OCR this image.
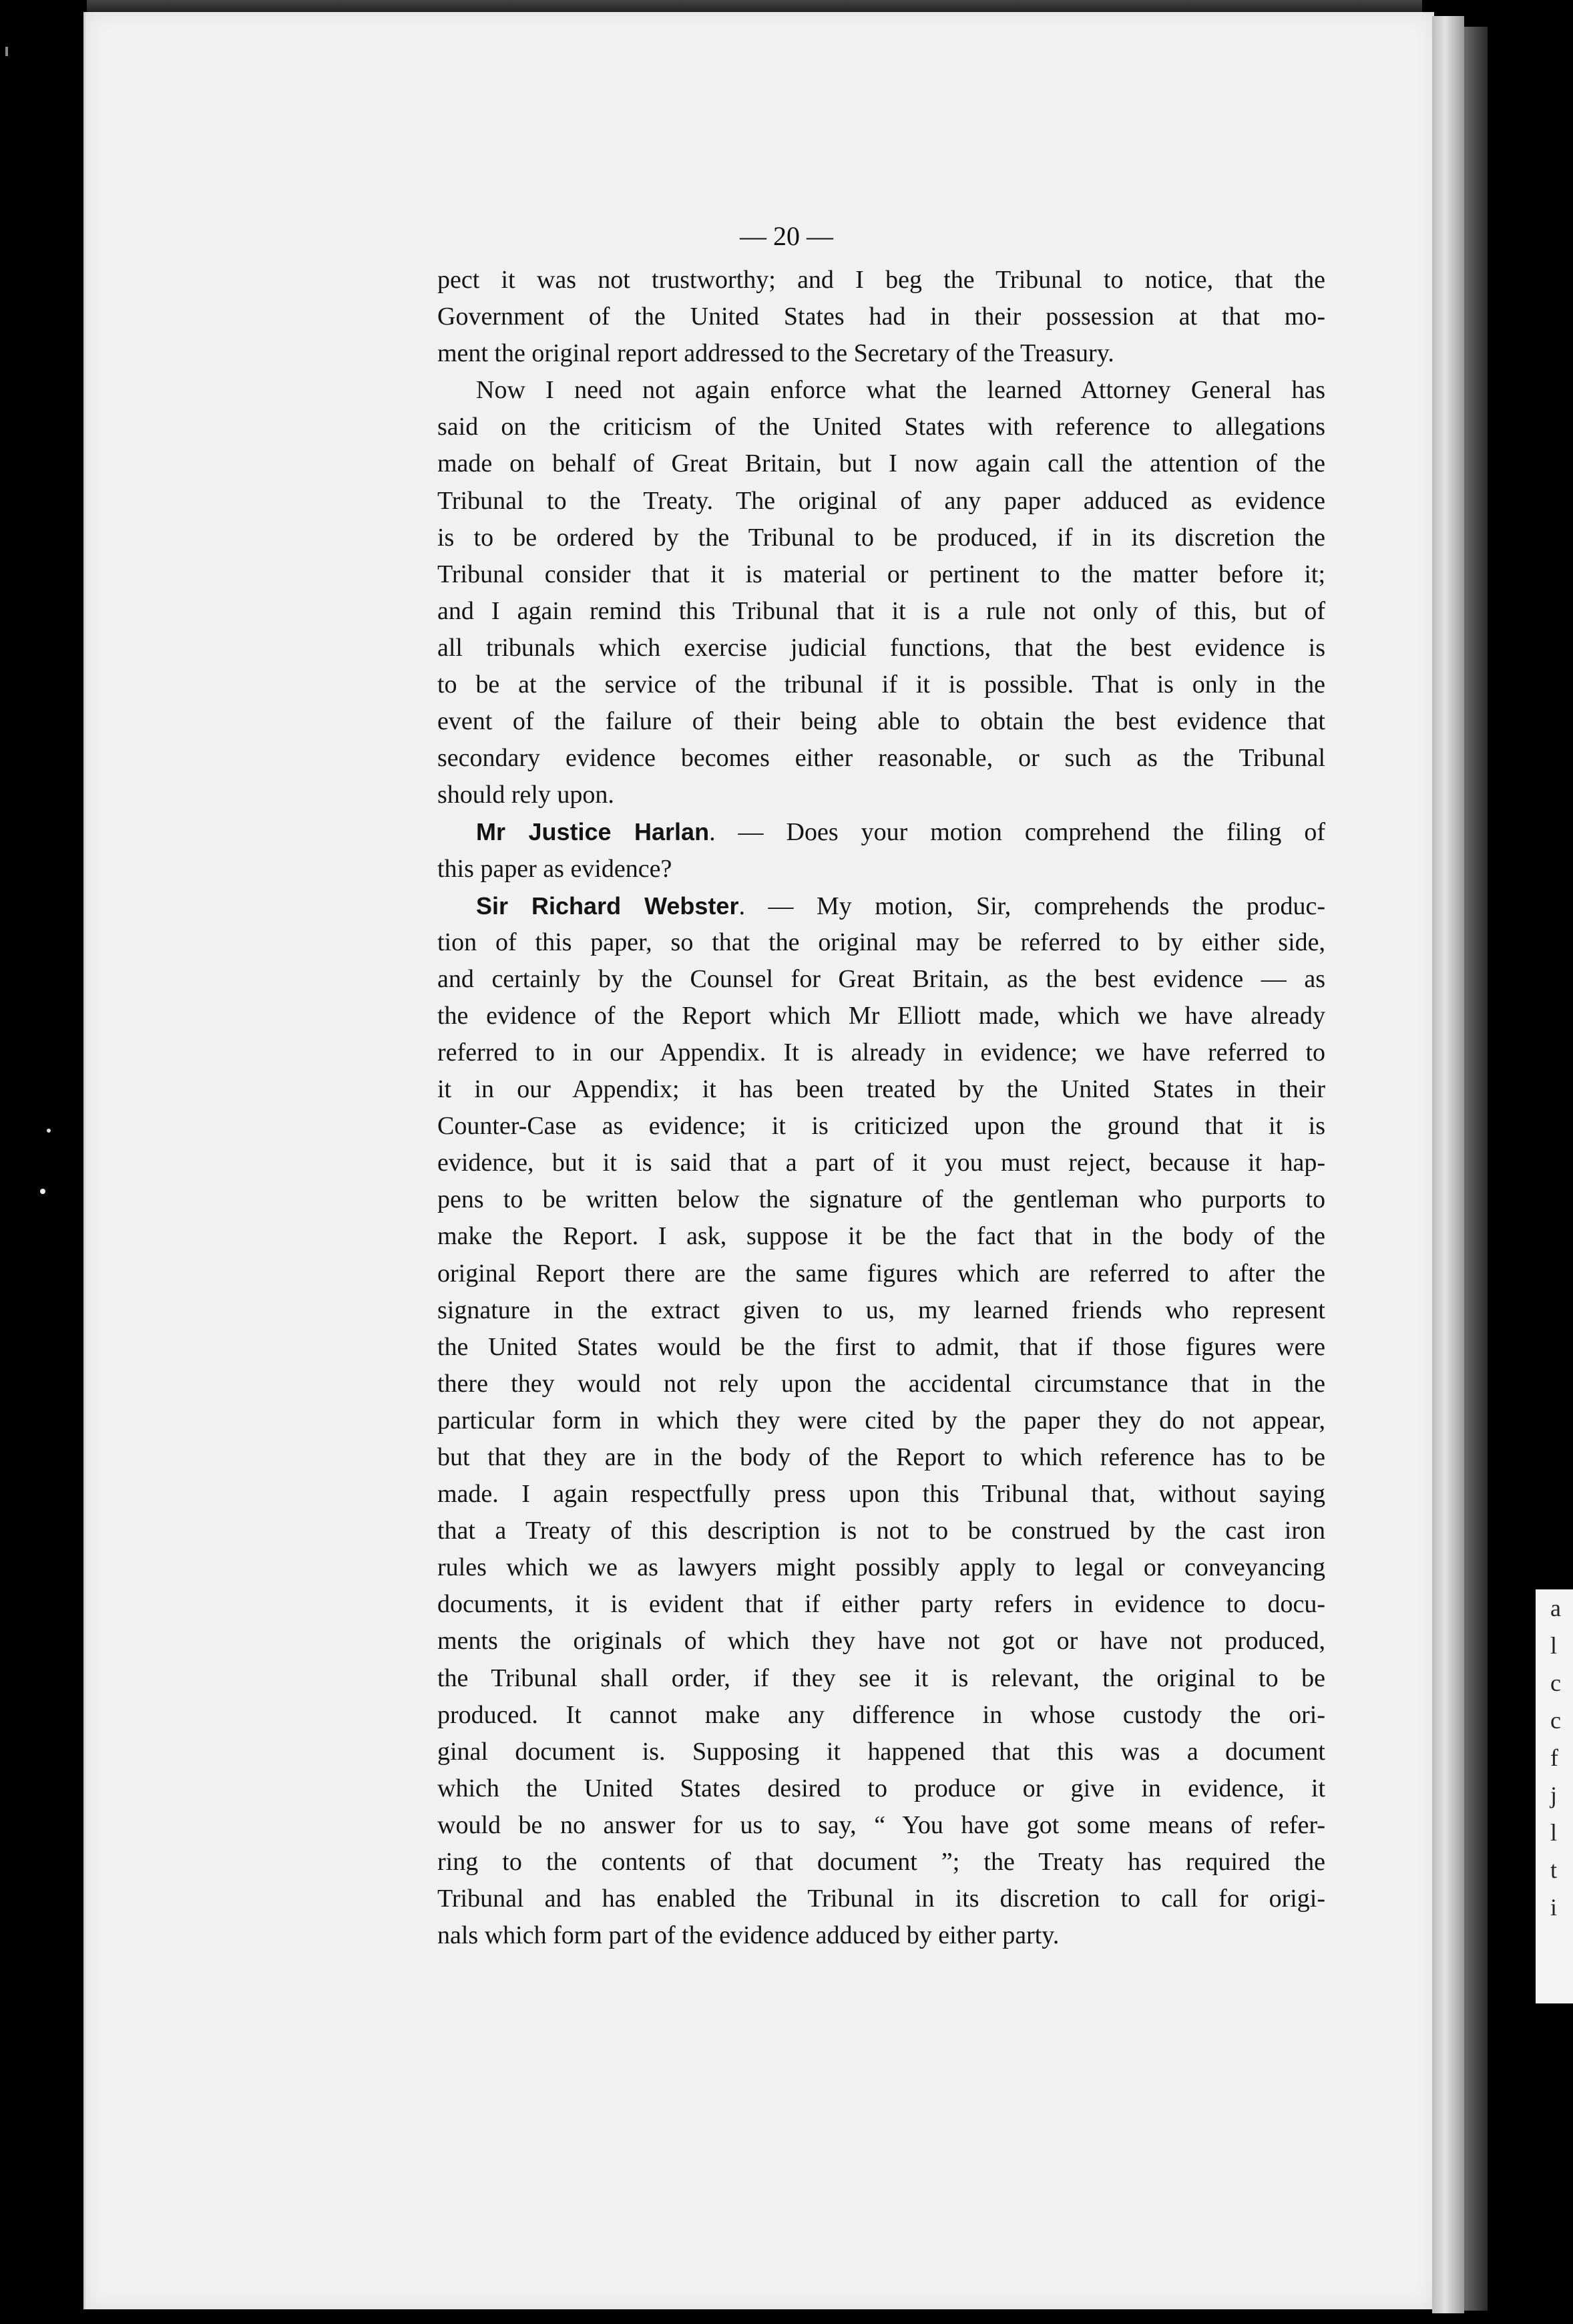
a
l
c
c
f
j
l
t
i
— 20 —
pect it was not trustworthy; and I beg the Tribunal to notice, that the
Government of the United States had in their possession at that mo-
ment the original report addressed to the Secretary of the Treasury.
Now I need not again enforce what the learned Attorney General has
said on the criticism of the United States with reference to allegations
made on behalf of Great Britain, but I now again call the attention of the
Tribunal to the Treaty. The original of any paper adduced as evidence
is to be ordered by the Tribunal to be produced, if in its discretion the
Tribunal consider that it is material or pertinent to the matter before it;
and I again remind this Tribunal that it is a rule not only of this, but of
all tribunals which exercise judicial functions, that the best evidence is
to be at the service of the tribunal if it is possible. That is only in the
event of the failure of their being able to obtain the best evidence that
secondary evidence becomes either reasonable, or such as the Tribunal
should rely upon.
Mr Justice Harlan. — Does your motion comprehend the filing of
this paper as evidence?
Sir Richard Webster. — My motion, Sir, comprehends the produc-
tion of this paper, so that the original may be referred to by either side,
and certainly by the Counsel for Great Britain, as the best evidence — as
the evidence of the Report which Mr Elliott made, which we have already
referred to in our Appendix. It is already in evidence; we have referred to
it in our Appendix; it has been treated by the United States in their
Counter-Case as evidence; it is criticized upon the ground that it is
evidence, but it is said that a part of it you must reject, because it hap-
pens to be written below the signature of the gentleman who purports to
make the Report. I ask, suppose it be the fact that in the body of the
original Report there are the same figures which are referred to after the
signature in the extract given to us, my learned friends who represent
the United States would be the first to admit, that if those figures were
there they would not rely upon the accidental circumstance that in the
particular form in which they were cited by the paper they do not appear,
but that they are in the body of the Report to which reference has to be
made. I again respectfully press upon this Tribunal that, without saying
that a Treaty of this description is not to be construed by the cast iron
rules which we as lawyers might possibly apply to legal or conveyancing
documents, it is evident that if either party refers in evidence to docu-
ments the originals of which they have not got or have not produced,
the Tribunal shall order, if they see it is relevant, the original to be
produced. It cannot make any difference in whose custody the ori-
ginal document is. Supposing it happened that this was a document
which the United States desired to produce or give in evidence, it
would be no answer for us to say, “ You have got some means of refer-
ring to the contents of that document ”; the Treaty has required the
Tribunal and has enabled the Tribunal in its discretion to call for origi-
nals which form part of the evidence adduced by either party.
